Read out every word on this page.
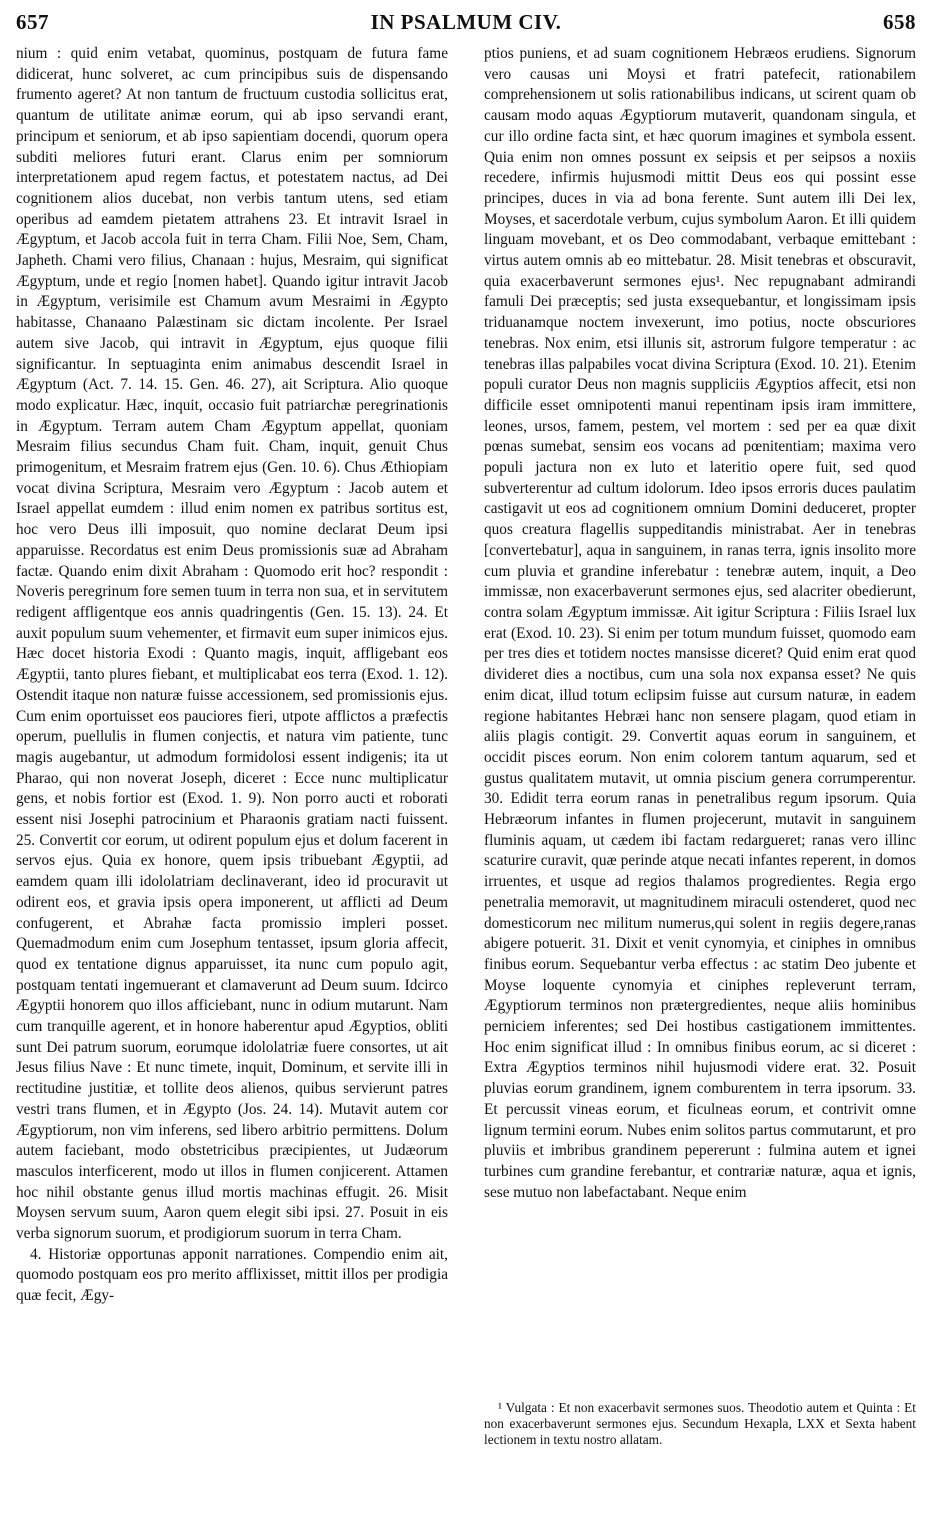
657	IN PSALMUM CIV.	658

nium : quid enim vetabat, quominus, postquam de futura fame didicerat, hunc solveret, ac cum principibus suis de dispensando frumento ageret? At non tantum de fructuum custodia sollicitus erat, quantum de utilitate animæ eorum, qui ab ipso servandi erant, principum et seniorum, et ab ipso sapientiam docendi, quorum opera subditi meliores futuri erant. Clarus enim per somniorum interpretationem apud regem factus, et potestatem nactus, ad Dei cognitionem alios ducebat, non verbis tantum utens, sed etiam operibus ad eamdem pietatem attrahens 23. Et intravit Israel in Ægyptum, et Jacob accola fuit in terra Cham. Filii Noe, Sem, Cham, Japheth. Chami vero filius, Chanaan : hujus, Mesraim, qui significat Ægyptum, unde et regio [nomen habet]. Quando igitur intravit Jacob in Ægyptum, verisimile est Chamum avum Mesraimi in Ægypto habitasse, Chanaano Palæstinam sic dictam incolente. Per Israel autem sive Jacob, qui intravit in Ægyptum, ejus quoque filii significantur. In septuaginta enim animabus descendit Israel in Ægyptum (Act. 7. 14. 15. Gen. 46. 27), ait Scriptura. Alio quoque modo explicatur. Hæc, inquit, occasio fuit patriarchæ peregrinationis in Ægyptum. Terram autem Cham Ægyptum appellat, quoniam Mesraim filius secundus Cham fuit. Cham, inquit, genuit Chus primogenitum, et Mesraim fratrem ejus (Gen. 10. 6). Chus Æthiopiam vocat divina Scriptura, Mesraim vero Ægyptum : Jacob autem et Israel appellat eumdem : illud enim nomen ex patribus sortitus est, hoc vero Deus illi imposuit, quo nomine declarat Deum ipsi apparuisse. Recordatus est enim Deus promissionis suæ ad Abraham factæ. Quando enim dixit Abraham : Quomodo erit hoc? respondit : Noveris peregrinum fore semen tuum in terra non sua, et in servitutem redigent affligentque eos annis quadringentis (Gen. 15. 13). 24. Et auxit populum suum vehementer, et firmavit eum super inimicos ejus. Hæc docet historia Exodi : Quanto magis, inquit, affligebant eos Ægyptii, tanto plures fiebant, et multiplicabat eos terra (Exod. 1. 12). Ostendit itaque non naturæ fuisse accessionem, sed promissionis ejus. Cum enim oportuisset eos pauciores fieri, utpote afflictos a præfectis operum, puellulis in flumen conjectis, et natura vim patiente, tunc magis augebantur, ut admodum formidolosi essent indigenis; ita ut Pharao, qui non noverat Joseph, diceret : Ecce nunc multiplicatur gens, et nobis fortior est (Exod. 1. 9). Non porro aucti et roborati essent nisi Josephi patrocinium et Pharaonis gratiam nacti fuissent. 25. Convertit cor eorum, ut odirent populum ejus et dolum facerent in servos ejus. Quia ex honore, quem ipsis tribuebant Ægyptii, ad eamdem quam illi idololatriam declinaverant, ideo id procuravit ut odirent eos, et gravia ipsis opera imponerent, ut afflicti ad Deum confugerent, et Abrahæ facta promissio impleri posset. Quemadmodum enim cum Josephum tentasset, ipsum gloria affecit, quod ex tentatione dignus apparuisset, ita nunc cum populo agit, postquam tentati ingemuerant et clamaverunt ad Deum suum. Idcirco Ægyptii honorem quo illos afficiebant, nunc in odium mutarunt. Nam cum tranquille agerent, et in honore haberentur apud Ægyptios, obliti sunt Dei patrum suorum, eorumque idololatriæ fuere consortes, ut ait Jesus filius Nave : Et nunc timete, inquit, Dominum, et servite illi in rectitudine justitiæ, et tollite deos alienos, quibus servierunt patres vestri trans flumen, et in Ægypto (Jos. 24. 14). Mutavit autem cor Ægyptiorum, non vim inferens, sed libero arbitrio permittens. Dolum autem faciebant, modo obstetricibus præcipientes, ut Judæorum masculos interficerent, modo ut illos in flumen conjicerent. Attamen hoc nihil obstante genus illud mortis machinas effugit. 26. Misit Moysen servum suum, Aaron quem elegit sibi ipsi. 27. Posuit in eis verba signorum suorum, et prodigiorum suorum in terra Cham.

4. Historiæ opportunas apponit narrationes. Compendio enim ait, quomodo postquam eos pro merito afflixisset, mittit illos per prodigia quæ fecit, Ægy-

ptios puniens, et ad suam cognitionem Hebræos erudiens. Signorum vero causas uni Moysi et fratri patefecit, rationabilem comprehensionem ut solis rationabilibus indicans, ut scirent quam ob causam modo aquas Ægyptiorum mutaverit, quandonam singula, et cur illo ordine facta sint, et hæc quorum imagines et symbola essent. Quia enim non omnes possunt ex seipsis et per seipsos a noxiis recedere, infirmis hujusmodi mittit Deus eos qui possint esse principes, duces in via ad bona ferente. Sunt autem illi Dei lex, Moyses, et sacerdotale verbum, cujus symbolum Aaron. Et illi quidem linguam movebant, et os Deo commodabant, verbaque emittebant : virtus autem omnis ab eo mittebatur. 28. Misit tenebras et obscuravit, quia exacerbaverunt sermones ejus¹. Nec repugnabant admirandi famuli Dei præceptis; sed justa exsequebantur, et longissimam ipsis triduanamque noctem invexerunt, imo potius, nocte obscuriores tenebras. Nox enim, etsi illunis sit, astrorum fulgore temperatur : ac tenebras illas palpabiles vocat divina Scriptura (Exod. 10. 21). Etenim populi curator Deus non magnis suppliciis Ægyptios affecit, etsi non difficile esset omnipotenti manui repentinam ipsis iram immittere, leones, ursos, famem, pestem, vel mortem : sed per ea quæ dixit pœnas sumebat, sensim eos vocans ad pœnitentiam; maxima vero populi jactura non ex luto et lateritio opere fuit, sed quod subverterentur ad cultum idolorum. Ideo ipsos erroris duces paulatim castigavit ut eos ad cognitionem omnium Domini deduceret, propter quos creatura flagellis suppeditandis ministrabat. Aer in tenebras [convertebatur], aqua in sanguinem, in ranas terra, ignis insolito more cum pluvia et grandine inferebatur : tenebræ autem, inquit, a Deo immissæ, non exacerbaverunt sermones ejus, sed alacriter obedierunt, contra solam Ægyptum immissæ. Ait igitur Scriptura : Filiis Israel lux erat (Exod. 10. 23). Si enim per totum mundum fuisset, quomodo eam per tres dies et totidem noctes mansisse diceret? Quid enim erat quod divideret dies a noctibus, cum una sola nox expansa esset? Ne quis enim dicat, illud totum eclipsim fuisse aut cursum naturæ, in eadem regione habitantes Hebræi hanc non senserе plagam, quod etiam in aliis plagis contigit. 29. Convertit aquas eorum in sanguinem, et occidit pisces eorum. Non enim colorem tantum aquarum, sed et gustus qualitatem mutavit, ut omnia piscium genera corrumperentur. 30. Edidit terra eorum ranas in penetralibus regum ipsorum. Quia Hebræorum infantes in flumen projecerunt, mutavit in sanguinem fluminis aquam, ut cædem ibi factam redargueret; ranas vero illinc scaturire curavit, quæ perinde atque necati infantes reperent, in domos irruentes, et usque ad regios thalamos progredientes. Regia ergo penetralia memoravit, ut magnitudinem miraculi ostenderet, quod nec domesticorum nec militum numerus,qui solent in regiis degere,ranas abigere potuerit. 31. Dixit et venit cynomyia, et ciniphes in omnibus finibus eorum. Sequebantur verba effectus : ac statim Deo jubente et Moyse loquente cynomyia et ciniphes repleverunt terram, Ægyptiorum terminos non prætergredientes, neque aliis hominibus perniciem inferentes; sed Dei hostibus castigationem immittentes. Hoc enim significat illud : In omnibus finibus eorum, ac si diceret : Extra Ægyptios terminos nihil hujusmodi videre erat. 32. Posuit pluvias eorum grandinem, ignem comburentem in terra ipsorum. 33. Et percussit vineas eorum, et ficulneas eorum, et contrivit omne lignum termini eorum. Nubes enim solitos partus commutarunt, et pro pluviis et imbribus grandinem pepererunt : fulmina autem et ignei turbines cum grandine ferebantur, et contrariæ naturæ, aqua et ignis, sese mutuo non labefactabant. Neque enim

¹ Vulgata : Et non exacerbavit sermones suos. Theodotio autem et Quinta : Et non exacerbaverunt sermones ejus. Secundum Hexapla, LXX et Sexta habent lectionem in textu nostro allatam.
